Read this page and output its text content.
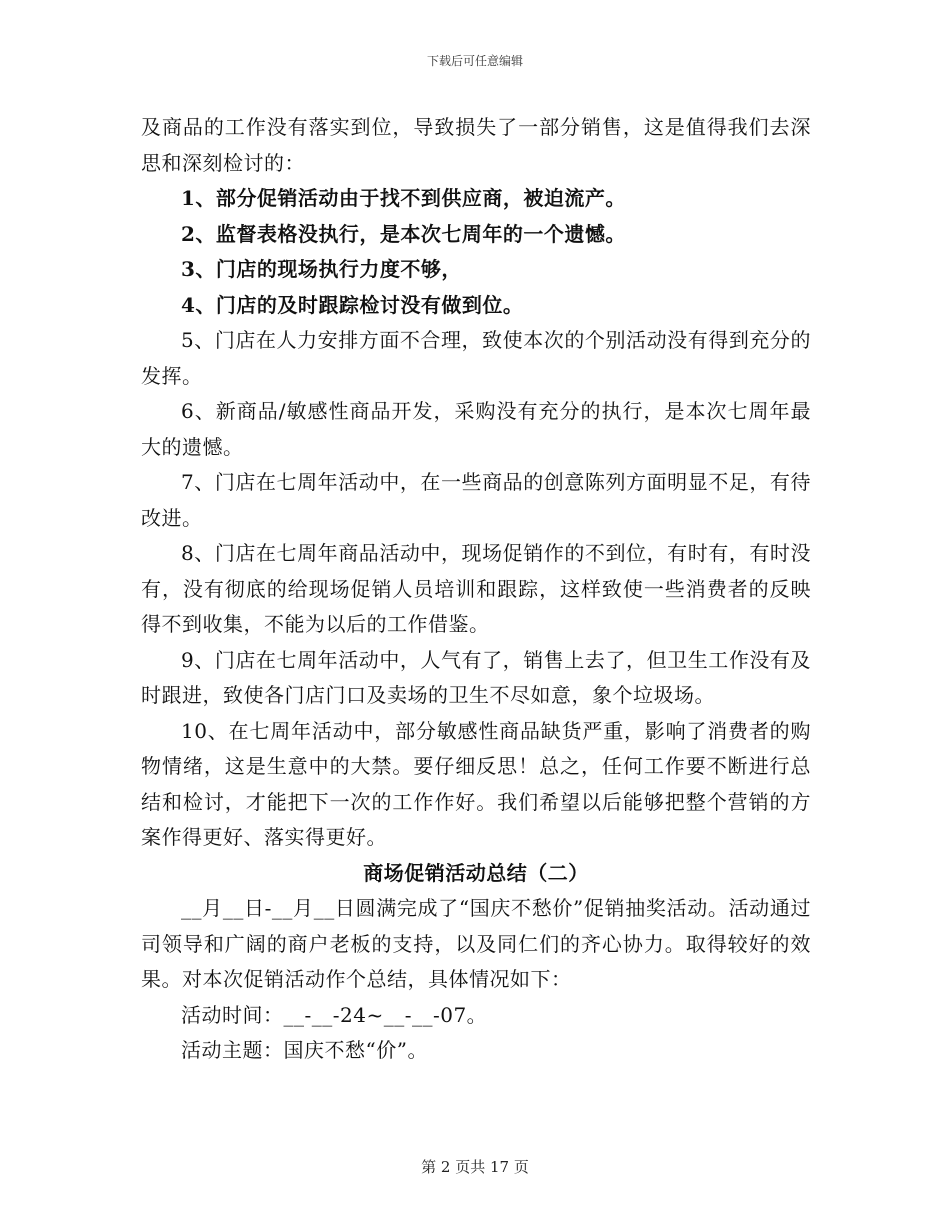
下载后可任意编辑

及商品的工作没有落实到位，导致损失了一部分销售，这是值得我们去深思和深刻检讨的：

1、部分促销活动由于找不到供应商，被迫流产。

2、监督表格没执行，是本次七周年的一个遗憾。

3、门店的现场执行力度不够，

4、门店的及时跟踪检讨没有做到位。

5、门店在人力安排方面不合理，致使本次的个别活动没有得到充分的发挥。

6、新商品/敏感性商品开发，采购没有充分的执行，是本次七周年最大的遗憾。

7、门店在七周年活动中，在一些商品的创意陈列方面明显不足，有待改进。

8、门店在七周年商品活动中，现场促销作的不到位，有时有，有时没有，没有彻底的给现场促销人员培训和跟踪，这样致使一些消费者的反映得不到收集，不能为以后的工作借鉴。

9、门店在七周年活动中，人气有了，销售上去了，但卫生工作没有及时跟进，致使各门店门口及卖场的卫生不尽如意，象个垃圾场。

10、在七周年活动中，部分敏感性商品缺货严重，影响了消费者的购物情绪，这是生意中的大禁。要仔细反思！总之，任何工作要不断进行总结和检讨，才能把下一次的工作作好。我们希望以后能够把整个营销的方案作得更好、落实得更好。

商场促销活动总结（二）

__月__日-__月__日圆满完成了“国庆不愁价”促销抽奖活动。活动通过司领导和广阔的商户老板的支持，以及同仁们的齐心协力。取得较好的效果。对本次促销活动作个总结，具体情况如下：

活动时间：__-__-24~__-__-07。

活动主题：国庆不愁“价”。

第 2 页共 17 页
